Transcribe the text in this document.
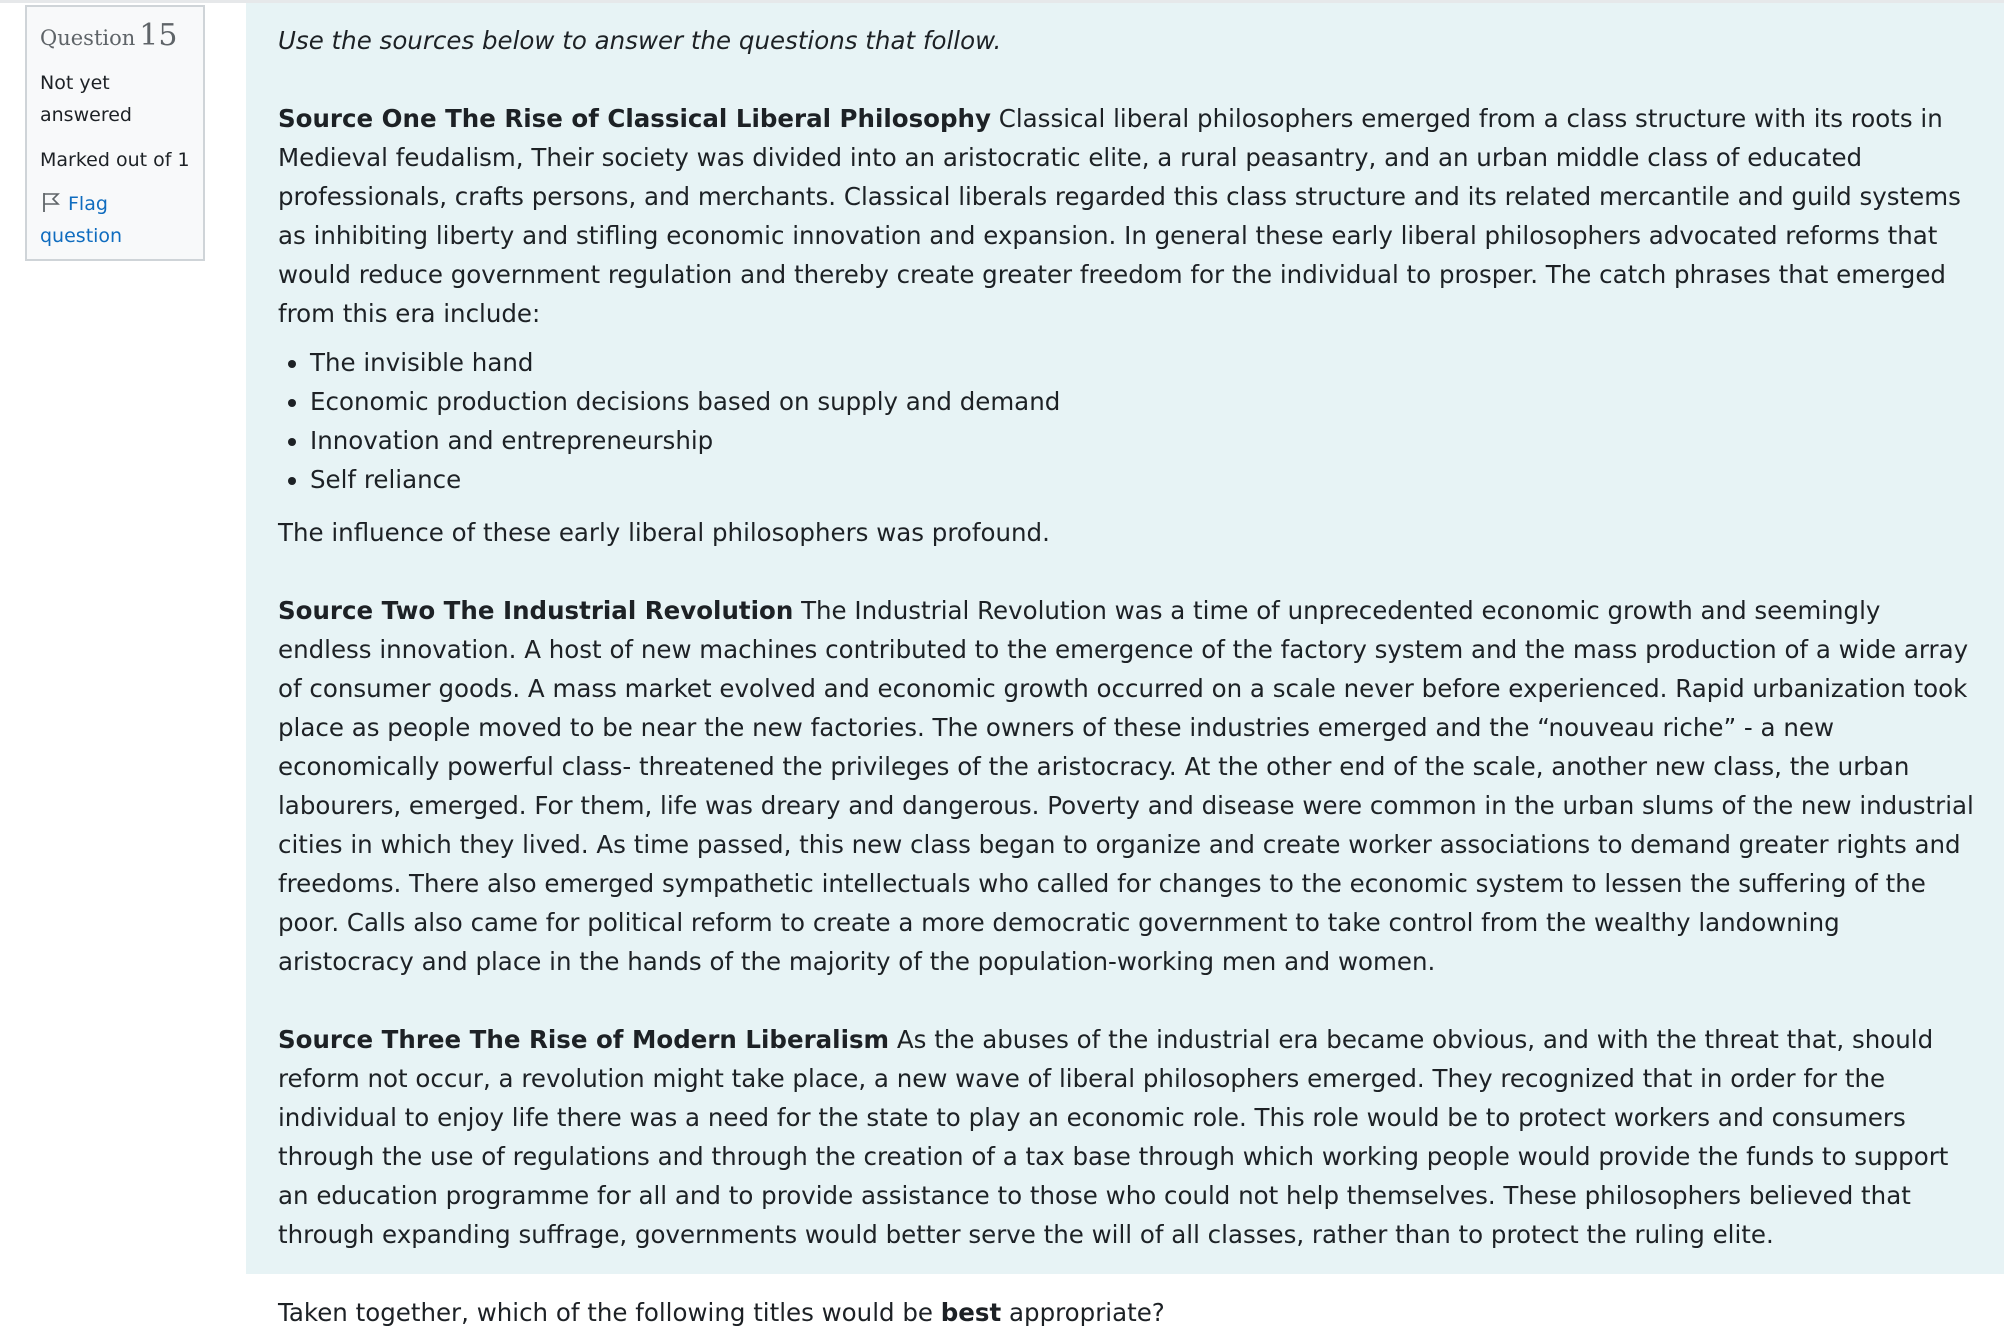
Question 15
Not yet answered
Marked out of 1
Flag question

Use the sources below to answer the questions that follow.

Source One The Rise of Classical Liberal Philosophy Classical liberal philosophers emerged from a class structure with its roots in Medieval feudalism, Their society was divided into an aristocratic elite, a rural peasantry, and an urban middle class of educated professionals, crafts persons, and merchants. Classical liberals regarded this class structure and its related mercantile and guild systems as inhibiting liberty and stifling economic innovation and expansion. In general these early liberal philosophers advocated reforms that would reduce government regulation and thereby create greater freedom for the individual to prosper. The catch phrases that emerged from this era include:

• The invisible hand
• Economic production decisions based on supply and demand
• Innovation and entrepreneurship
• Self reliance

The influence of these early liberal philosophers was profound.

Source Two The Industrial Revolution The Industrial Revolution was a time of unprecedented economic growth and seemingly endless innovation. A host of new machines contributed to the emergence of the factory system and the mass production of a wide array of consumer goods. A mass market evolved and economic growth occurred on a scale never before experienced. Rapid urbanization took place as people moved to be near the new factories. The owners of these industries emerged and the “nouveau riche” - a new economically powerful class- threatened the privileges of the aristocracy. At the other end of the scale, another new class, the urban labourers, emerged. For them, life was dreary and dangerous. Poverty and disease were common in the urban slums of the new industrial cities in which they lived. As time passed, this new class began to organize and create worker associations to demand greater rights and freedoms. There also emerged sympathetic intellectuals who called for changes to the economic system to lessen the suffering of the poor. Calls also came for political reform to create a more democratic government to take control from the wealthy landowning aristocracy and place in the hands of the majority of the population-working men and women.

Source Three The Rise of Modern Liberalism As the abuses of the industrial era became obvious, and with the threat that, should reform not occur, a revolution might take place, a new wave of liberal philosophers emerged. They recognized that in order for the individual to enjoy life there was a need for the state to play an economic role. This role would be to protect workers and consumers through the use of regulations and through the creation of a tax base through which working people would provide the funds to support an education programme for all and to provide assistance to those who could not help themselves. These philosophers believed that through expanding suffrage, governments would better serve the will of all classes, rather than to protect the ruling elite.

Taken together, which of the following titles would be best appropriate?
